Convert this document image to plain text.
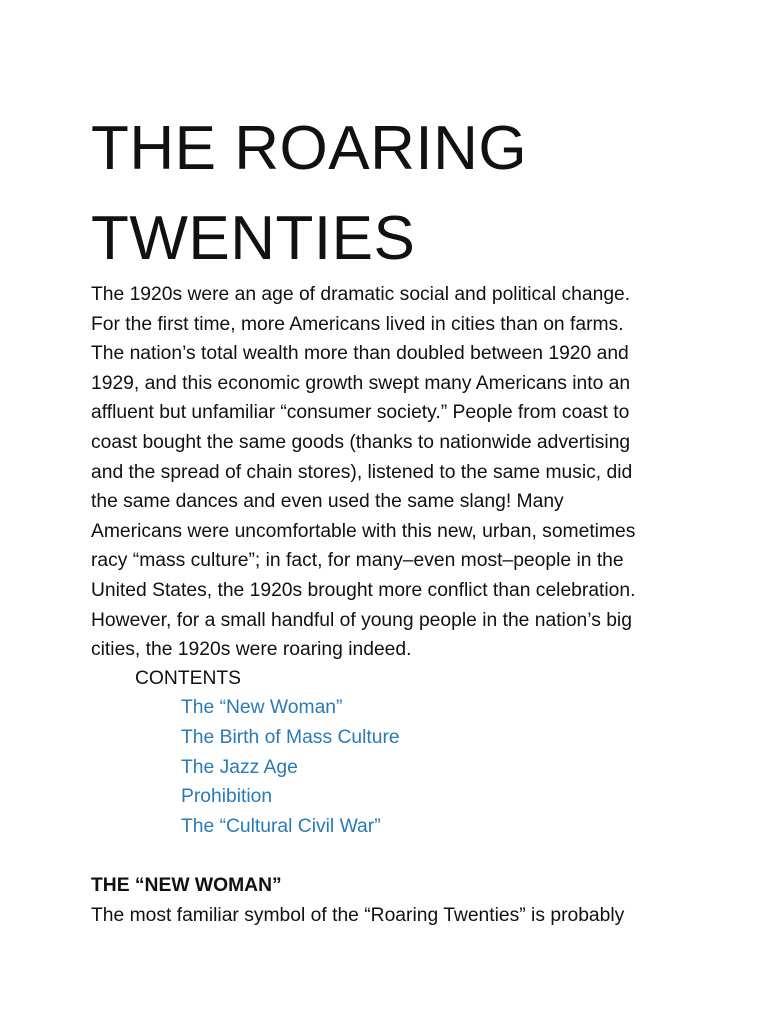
THE ROARING
TWENTIES

The 1920s were an age of dramatic social and political change.
For the first time, more Americans lived in cities than on farms.
The nation’s total wealth more than doubled between 1920 and
1929, and this economic growth swept many Americans into an
affluent but unfamiliar “consumer society.” People from coast to
coast bought the same goods (thanks to nationwide advertising
and the spread of chain stores), listened to the same music, did
the same dances and even used the same slang! Many
Americans were uncomfortable with this new, urban, sometimes
racy “mass culture”; in fact, for many–even most–people in the
United States, the 1920s brought more conflict than celebration.
However, for a small handful of young people in the nation’s big
cities, the 1920s were roaring indeed.

CONTENTS

The “New Woman”
The Birth of Mass Culture
The Jazz Age
Prohibition
The “Cultural Civil War”
THE “NEW WOMAN”

The most familiar symbol of the “Roaring Twenties” is probably
